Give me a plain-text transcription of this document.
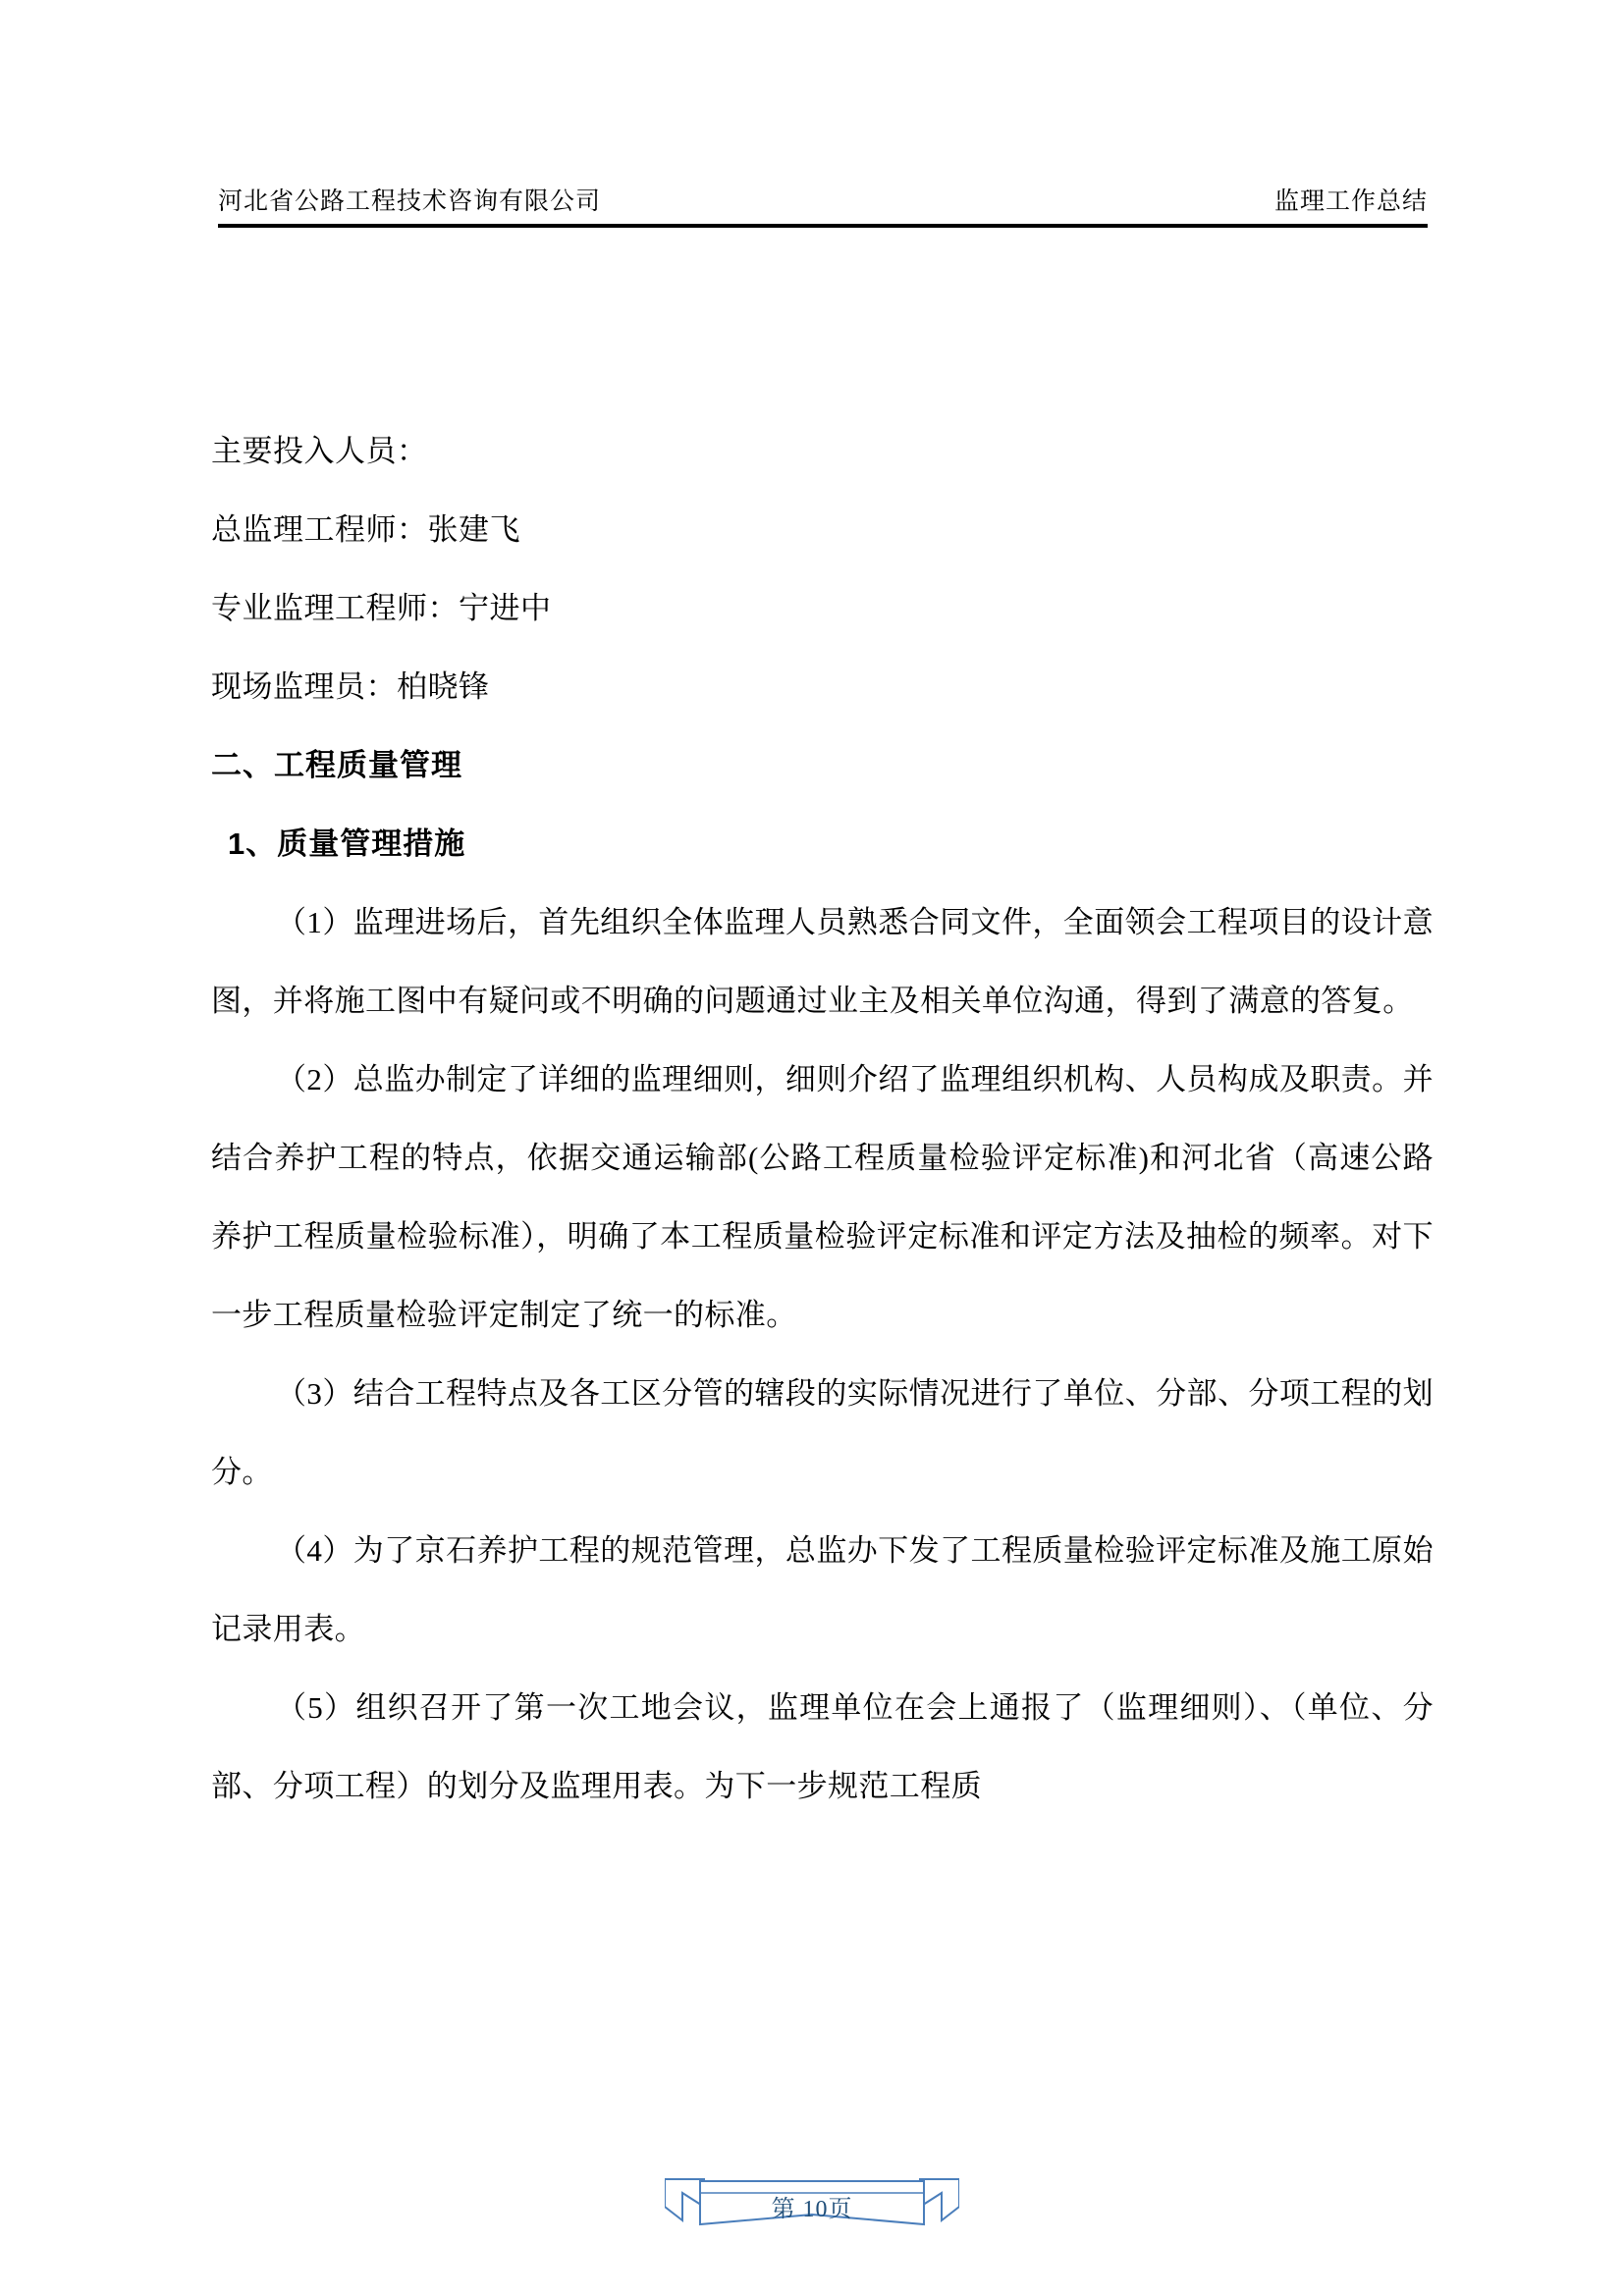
河北省公路工程技术咨询有限公司	监理工作总结
主要投入人员：
总监理工程师：张建飞
专业监理工程师：宁进中
现场监理员：柏晓锋
二、工程质量管理
1、质量管理措施

（1）监理进场后，首先组织全体监理人员熟悉合同文件，全面领会工程项目的设计意图，并将施工图中有疑问或不明确的问题通过业主及相关单位沟通，得到了满意的答复。

（2）总监办制定了详细的监理细则，细则介绍了监理组织机构、人员构成及职责。并结合养护工程的特点，依据交通运输部(公路工程质量检验评定标准)和河北省（高速公路养护工程质量检验标准），明确了本工程质量检验评定标准和评定方法及抽检的频率。对下一步工程质量检验评定制定了统一的标准。

（3）结合工程特点及各工区分管的辖段的实际情况进行了单位、分部、分项工程的划分。

（4）为了京石养护工程的规范管理，总监办下发了工程质量检验评定标准及施工原始记录用表。

（5）组织召开了第一次工地会议，监理单位在会上通报了（监理细则）、（单位、分部、分项工程）的划分及监理用表。为下一步规范工程质

第 10页
